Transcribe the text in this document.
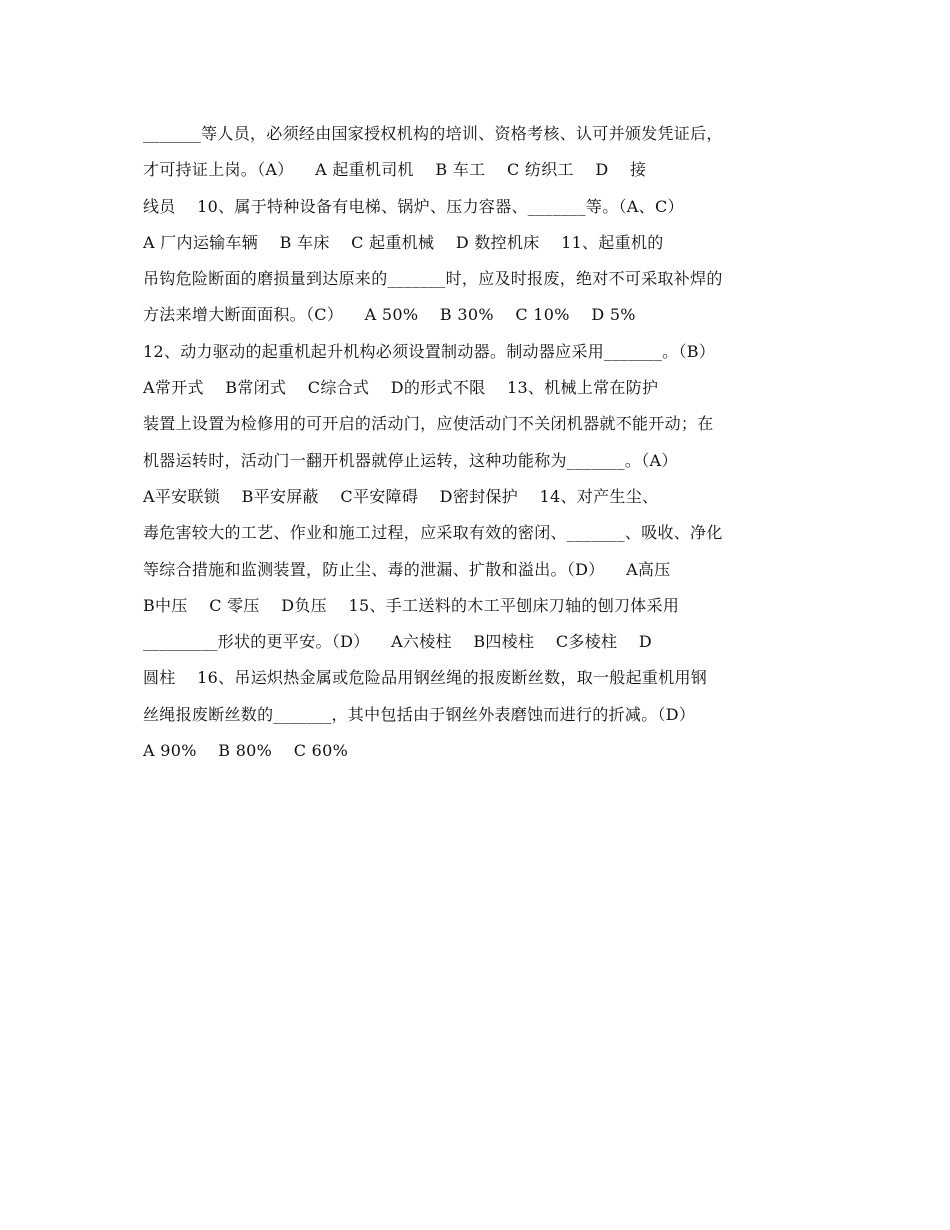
_______等人员，必须经由国家授权机构的培训、资格考核、认可并颁发凭证后，
才可持证上岗。（A）    A 起重机司机    B 车工    C 纺织工    D    接
线员    10、属于特种设备有电梯、锅炉、压力容器、_______等。（A、C）
A 厂内运输车辆    B 车床    C 起重机械    D 数控机床    11、起重机的
吊钩危险断面的磨损量到达原来的_______时，应及时报废，绝对不可采取补焊的
方法来增大断面面积。（C）    A 50%    B 30%    C 10%    D 5%
12、动力驱动的起重机起升机构必须设置制动器。制动器应采用_______。（B）
A常开式    B常闭式    C综合式    D的形式不限    13、机械上常在防护
装置上设置为检修用的可开启的活动门，应使活动门不关闭机器就不能开动；在
机器运转时，活动门一翻开机器就停止运转，这种功能称为_______。（A）
A平安联锁    B平安屏蔽    C平安障碍    D密封保护    14、对产生尘、
毒危害较大的工艺、作业和施工过程，应采取有效的密闭、_______、吸收、净化
等综合措施和监测装置，防止尘、毒的泄漏、扩散和溢出。（D）    A高压
B中压    C 零压    D负压    15、手工送料的木工平刨床刀轴的刨刀体采用
_________形状的更平安。（D）    A六棱柱    B四棱柱    C多棱柱    D
圆柱    16、吊运炽热金属或危险品用钢丝绳的报废断丝数，取一般起重机用钢
丝绳报废断丝数的_______，其中包括由于钢丝外表磨蚀而进行的折减。（D）
A 90%    B 80%    C 60%
